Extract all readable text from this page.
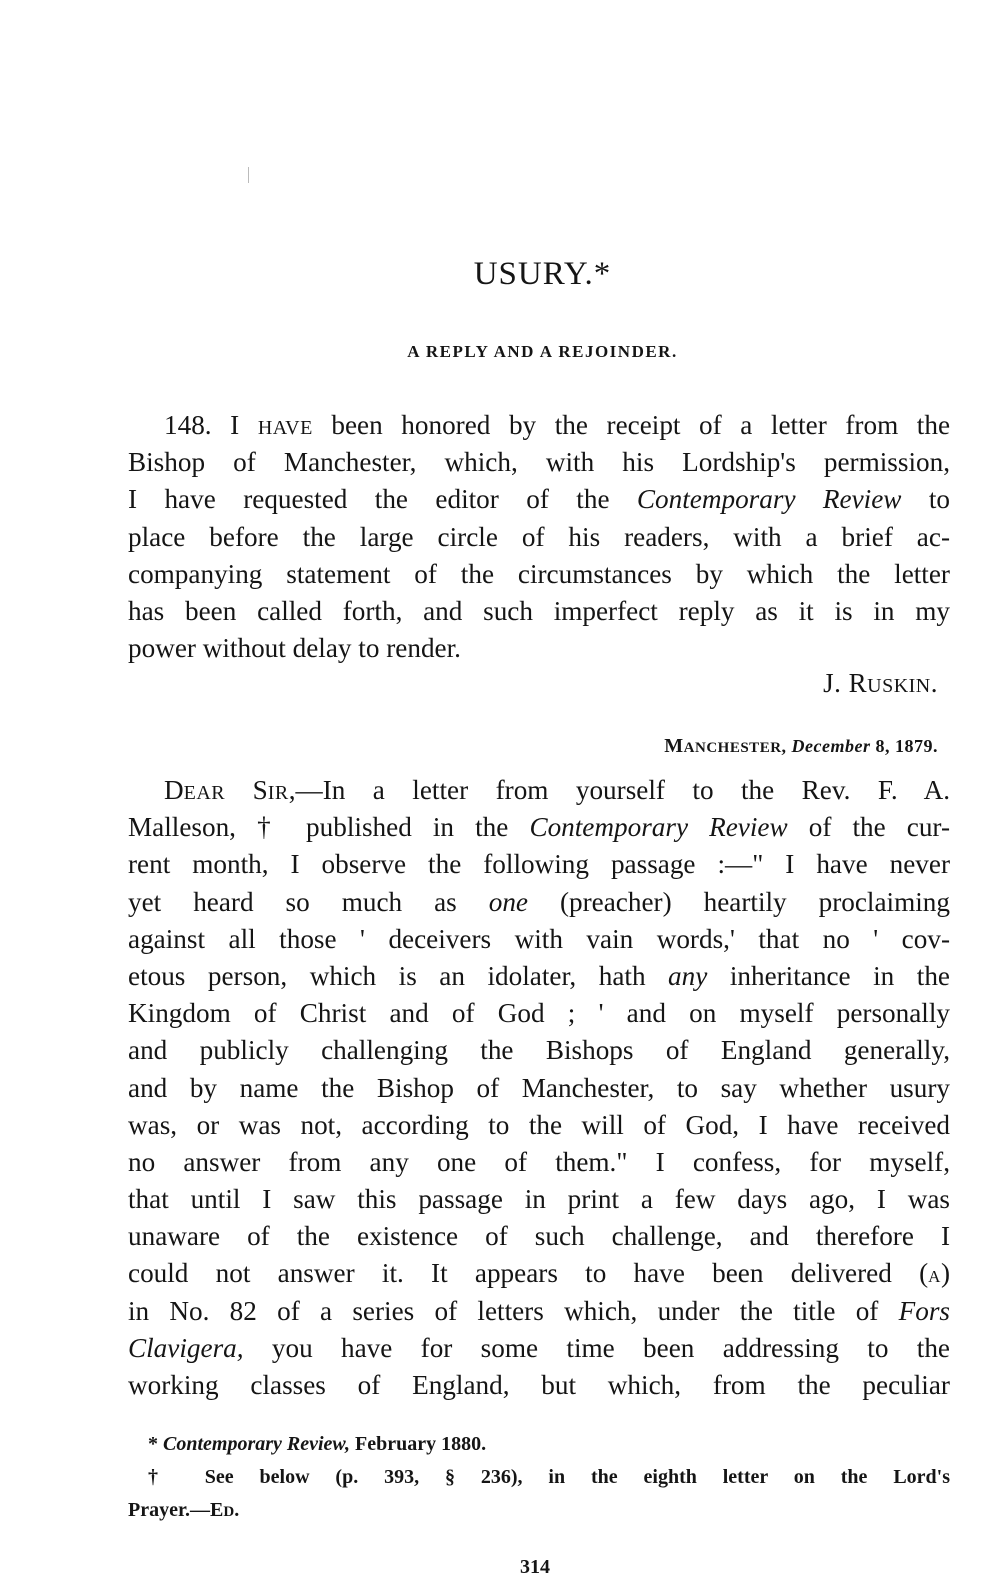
USURY.*
A REPLY AND A REJOINDER.
148. I HAVE been honored by the receipt of a letter from the
Bishop of Manchester, which, with his Lordship's permission,
I have requested the editor of the Contemporary Review to
place before the large circle of his readers, with a brief ac-
companying statement of the circumstances by which the letter
has been called forth, and such imperfect reply as it is in my
power without delay to render.
J. RUSKIN.
MANCHESTER, December 8, 1879.
DEAR SIR,—In a letter from yourself to the Rev. F. A.
Malleson, † published in the Contemporary Review of the cur-
rent month, I observe the following passage :—" I have never
yet heard so much as one (preacher) heartily proclaiming
against all those ' deceivers with vain words,' that no ' cov-
etous person, which is an idolater, hath any inheritance in the
Kingdom of Christ and of God ; ' and on myself personally
and publicly challenging the Bishops of England generally,
and by name the Bishop of Manchester, to say whether usury
was, or was not, according to the will of God, I have received
no answer from any one of them." I confess, for myself,
that until I saw this passage in print a few days ago, I was
unaware of the existence of such challenge, and therefore I
could not answer it. It appears to have been delivered (A)
in No. 82 of a series of letters which, under the title of Fors
Clavigera, you have for some time been addressing to the
working classes of England, but which, from the peculiar
* Contemporary Review, February 1880.
† See below (p. 393, § 236), in the eighth letter on the Lord's
Prayer.—ED.
314
